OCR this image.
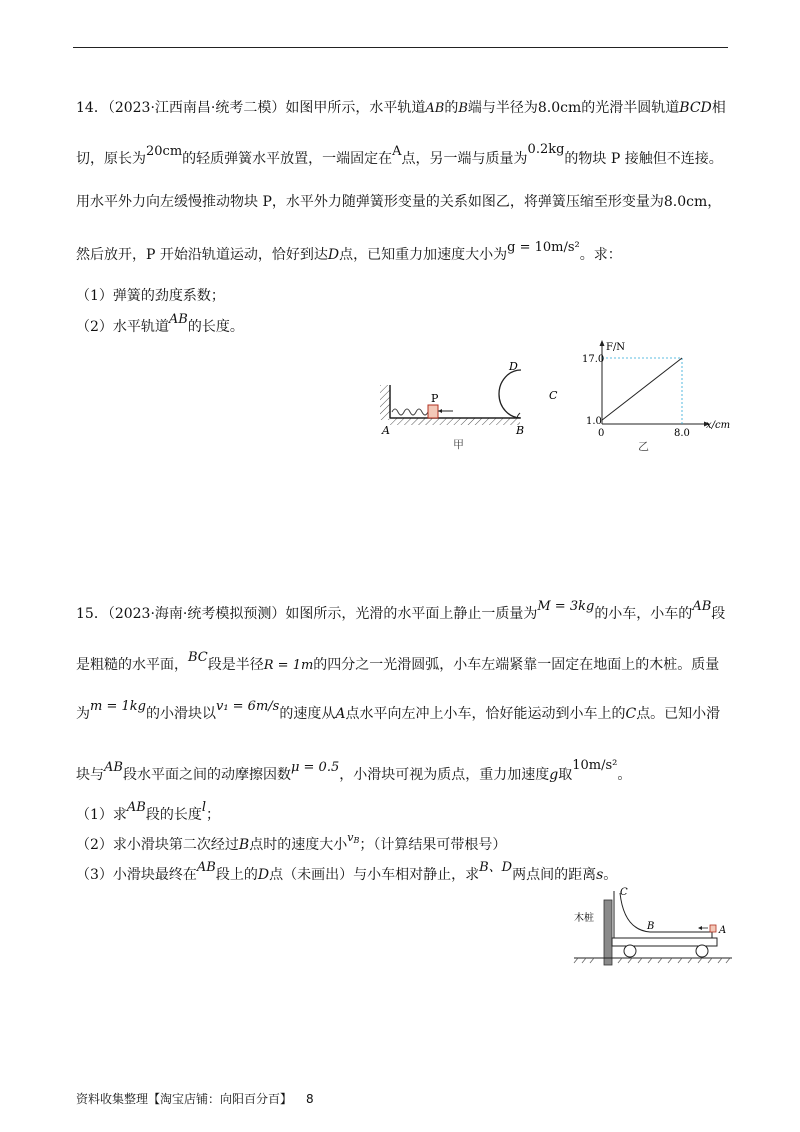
14．（2023·江西南昌·统考二模）如图甲所示，水平轨道AB的B端与半径为8.0cm的光滑半圆轨道BCD相
切，原长为20cm的轻质弹簧水平放置，一端固定在A点，另一端与质量为0.2kg的物块 P 接触但不连接。
用水平外力向左缓慢推动物块 P，水平外力随弹簧形变量的关系如图乙，将弹簧压缩至形变量为8.0cm，
然后放开，P 开始沿轨道运动，恰好到达D点，已知重力加速度大小为g = 10m/s²。求：
（1）弹簧的劲度系数；
（2）水平轨道AB的长度。
P
A	B
C
D
甲
F/N
17.0
1.0
0	8.0
x/cm
乙
15．（2023·海南·统考模拟预测）如图所示，光滑的水平面上静止一质量为M = 3kg的小车，小车的AB段
是粗糙的水平面，BC段是半径R = 1m的四分之一光滑圆弧，小车左端紧靠一固定在地面上的木桩。质量
为m = 1kg的小滑块以v₁ = 6m/s的速度从A点水平向左冲上小车，恰好能运动到小车上的C点。已知小滑
块与AB段水平面之间的动摩擦因数μ = 0.5，小滑块可视为质点，重力加速度g取10m/s²。
（1）求AB段的长度l；
（2）求小滑块第二次经过B点时的速度大小$^{v_B}$；（计算结果可带根号）
（3）小滑块最终在AB段上的D点（未画出）与小车相对静止，求B、D两点间的距离s。
C
B	A
木桩
资料收集整理【淘宝店铺：向阳百分百】 8
